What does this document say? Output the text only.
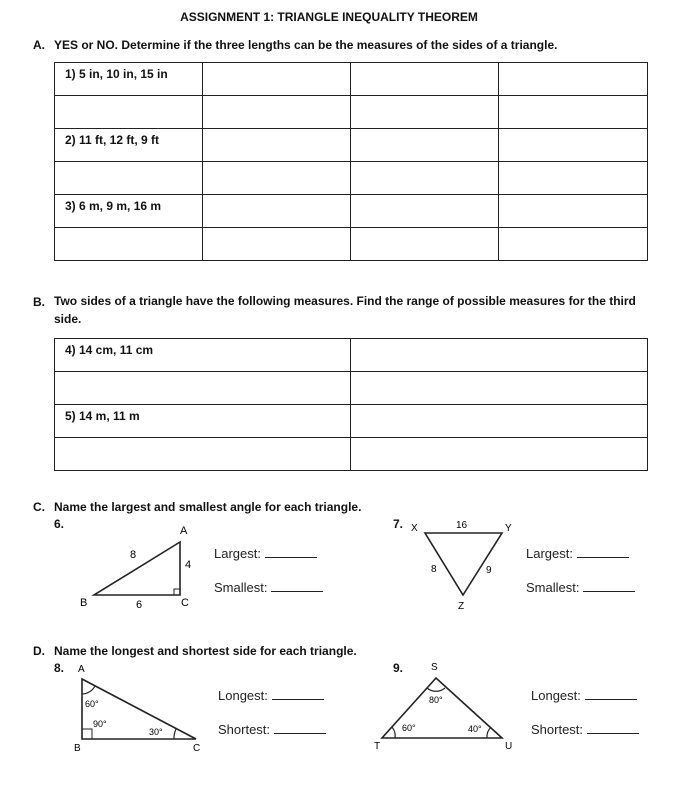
ASSIGNMENT 1: TRIANGLE INEQUALITY THEOREM
A. YES or NO. Determine if the three lengths can be the measures of the sides of a triangle.
1) 5 in, 10 in, 15 in			

2) 11 ft, 12 ft, 9 ft			

3) 6 m, 9 m, 16 m			

B. Two sides of a triangle have the following measures. Find the range of possible measures for the third side.
4) 14 cm, 11 cm	

5) 14 m, 11 m	

C. Name the largest and smallest angle for each triangle.
6.	A
B	C
8
4
6
Largest:
Smallest:
7. X	Y
Z
16
8	9
Largest:
Smallest:
D. Name the longest and shortest side for each triangle.
8. A
B	C
60°
90°
30°
Longest:
Shortest:
9.	S
T	U
80°
60°	40°
Longest:
Shortest:
